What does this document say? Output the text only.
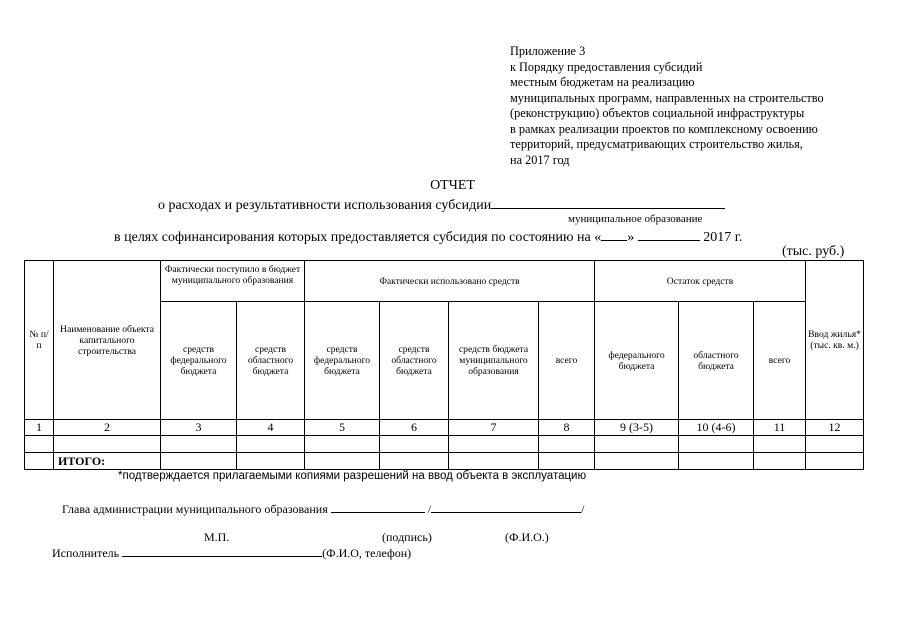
Приложение 3
к Порядку предоставления субсидий
местным бюджетам на реализацию
муниципальных программ, направленных на строительство
(реконструкцию) объектов социальной инфраструктуры
в рамках реализации проектов по комплексному освоению
территорий, предусматривающих строительство жилья,
на 2017 год
ОТЧЕТ
о расходах и результативности использования субсидии
муниципальное образование
в целях софинансирования которых предоставляется субсидия по состоянию на « »	2017 г.
(тыс. руб.)
№ п/п	Наименование объекта капитального строительства	Фактически поступило в бюджет муниципального образования		Фактически использовано средств				Остаток средств			Ввод жилья*
(тыс. кв. м.)

		средств федерального бюджета	средств областного бюджета	средств федерального бюджета	средств областного бюджета	средств бюджета муниципального образования	всего	федерального бюджета	областного бюджета	всего	
1	2	3	4	5	6	7	8	9 (3-5)	10 (4-6)	11	12

	ИТОГО:										
*подтверждается прилагаемыми копиями разрешений на ввод объекта в эксплуатацию
Глава администрации муниципального образования	/	/
М.П.	(подпись)	(Ф.И.О.)
Исполнитель	(Ф.И.О, телефон)
